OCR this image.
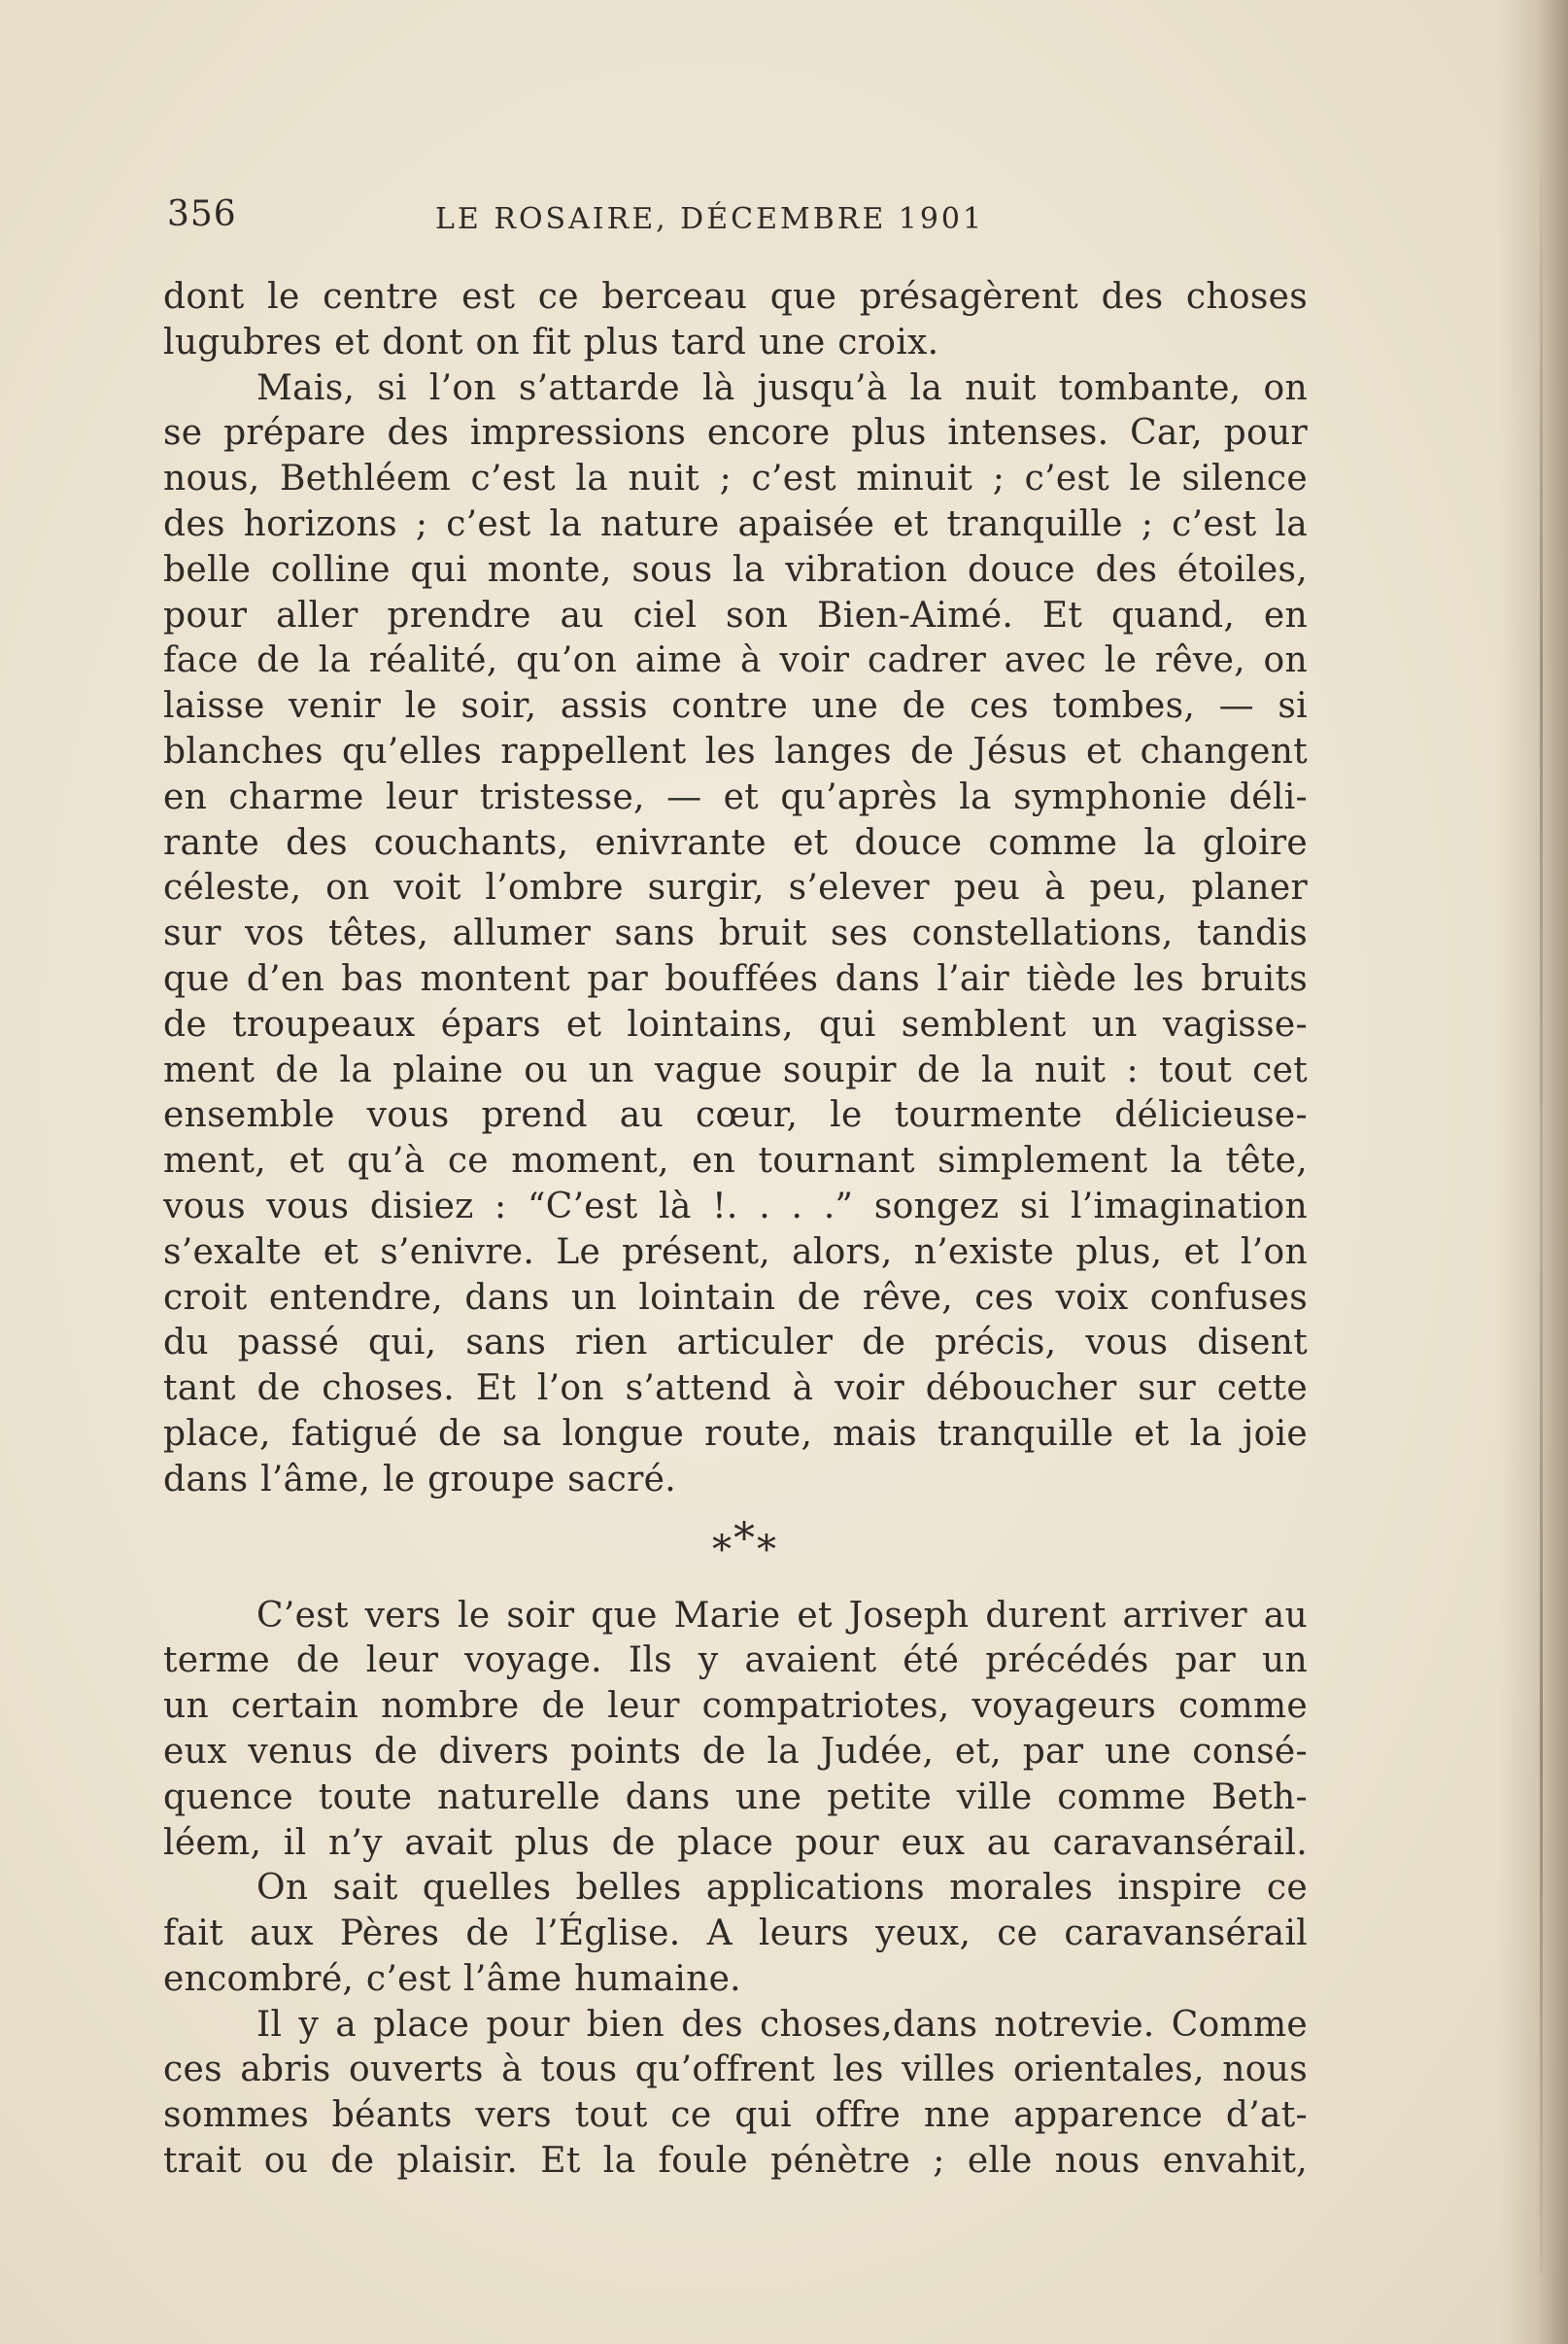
356	LE ROSAIRE, DÉCEMBRE 1901
dont le centre est ce berceau que présagèrent des choses
lugubres et dont on fit plus tard une croix.
Mais, si l’on s’attarde là jusqu’à la nuit tombante, on
se prépare des impressions encore plus intenses. Car, pour
nous, Bethléem c’est la nuit ; c’est minuit ; c’est le silence
des horizons ; c’est la nature apaisée et tranquille ; c’est la
belle colline qui monte, sous la vibration douce des étoiles,
pour aller prendre au ciel son Bien-Aimé. Et quand, en
face de la réalité, qu’on aime à voir cadrer avec le rêve, on
laisse venir le soir, assis contre une de ces tombes, — si
blanches qu’elles rappellent les langes de Jésus et changent
en charme leur tristesse, — et qu’après la symphonie déli-
rante des couchants, enivrante et douce comme la gloire
céleste, on voit l’ombre surgir, s’elever peu à peu, planer
sur vos têtes, allumer sans bruit ses constellations, tandis
que d’en bas montent par bouffées dans l’air tiède les bruits
de troupeaux épars et lointains, qui semblent un vagisse-
ment de la plaine ou un vague soupir de la nuit : tout cet
ensemble vous prend au cœur, le tourmente délicieuse-
ment, et qu’à ce moment, en tournant simplement la tête,
vous vous disiez : “C’est là !. . . .” songez si l’imagination
s’exalte et s’enivre. Le présent, alors, n’existe plus, et l’on
croit entendre, dans un lointain de rêve, ces voix confuses
du passé qui, sans rien articuler de précis, vous disent
tant de choses. Et l’on s’attend à voir déboucher sur cette
place, fatigué de sa longue route, mais tranquille et la joie
dans l’âme, le groupe sacré.
***
C’est vers le soir que Marie et Joseph durent arriver au
terme de leur voyage. Ils y avaient été précédés par un
un certain nombre de leur compatriotes, voyageurs comme
eux venus de divers points de la Judée, et, par une consé-
quence toute naturelle dans une petite ville comme Beth-
léem, il n’y avait plus de place pour eux au caravansérail.
On sait quelles belles applications morales inspire ce
fait aux Pères de l’Église. A leurs yeux, ce caravansérail
encombré, c’est l’âme humaine.
Il y a place pour bien des choses,dans notrevie. Comme
ces abris ouverts à tous qu’offrent les villes orientales, nous
sommes béants vers tout ce qui offre nne apparence d’at-
trait ou de plaisir. Et la foule pénètre ; elle nous envahit,
